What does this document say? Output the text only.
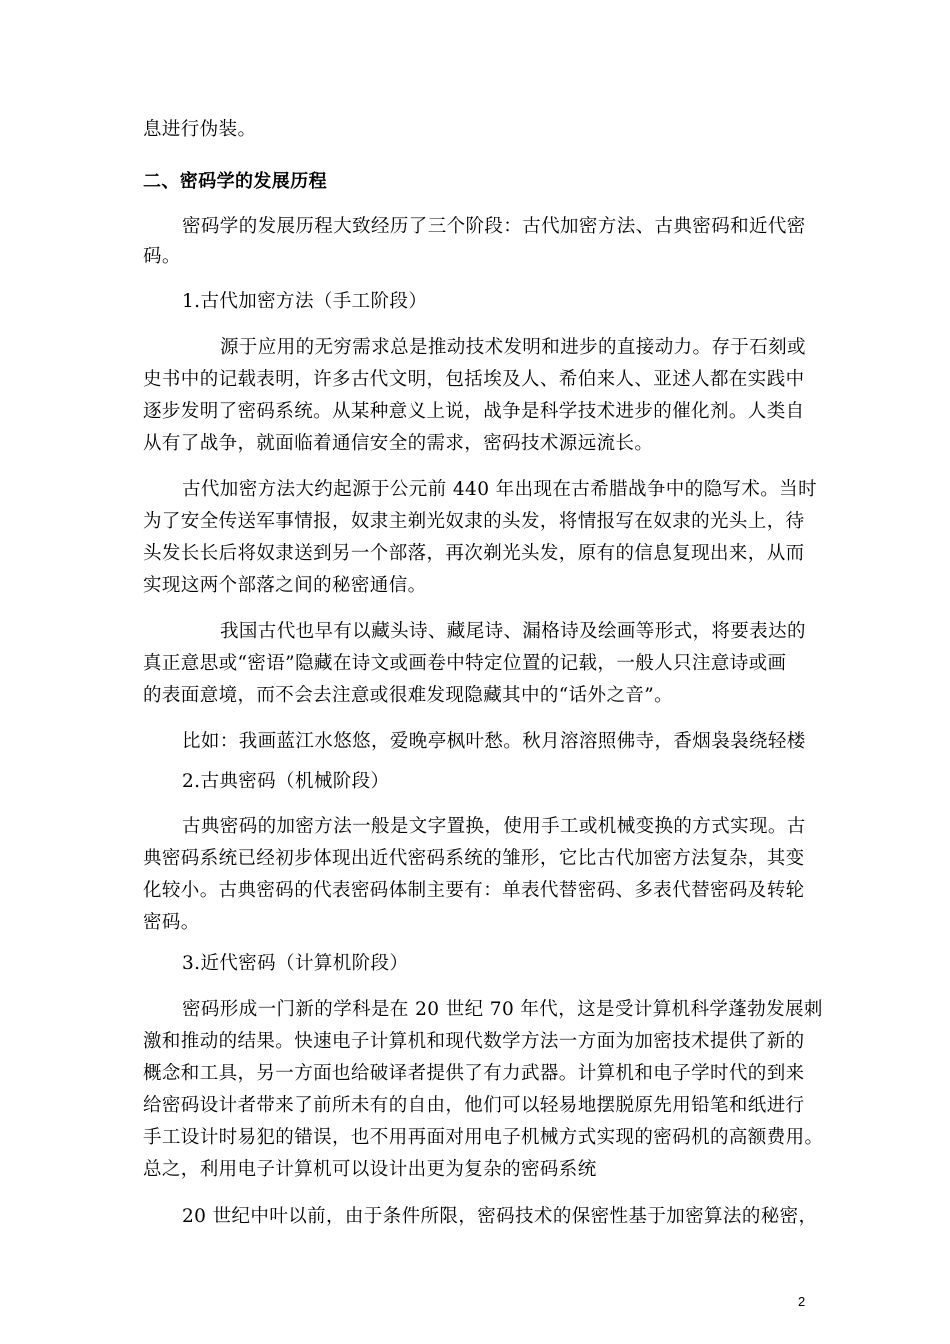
息进行伪装。
二、密码学的发展历程
密码学的发展历程大致经历了三个阶段：古代加密方法、古典密码和近代密
码。
1.古代加密方法（手工阶段）
源于应用的无穷需求总是推动技术发明和进步的直接动力。存于石刻或
史书中的记载表明，许多古代文明，包括埃及人、希伯来人、亚述人都在实践中
逐步发明了密码系统。从某种意义上说，战争是科学技术进步的催化剂。人类自
从有了战争，就面临着通信安全的需求，密码技术源远流长。
古代加密方法大约起源于公元前 440 年出现在古希腊战争中的隐写术。当时
为了安全传送军事情报，奴隶主剃光奴隶的头发，将情报写在奴隶的光头上，待
头发长长后将奴隶送到另一个部落，再次剃光头发，原有的信息复现出来，从而
实现这两个部落之间的秘密通信。
我国古代也早有以藏头诗、藏尾诗、漏格诗及绘画等形式，将要表达的
真正意思或“密语”隐藏在诗文或画卷中特定位置的记载，一般人只注意诗或画
的表面意境，而不会去注意或很难发现隐藏其中的“话外之音”。
比如：我画蓝江水悠悠，爱晚亭枫叶愁。秋月溶溶照佛寺，香烟袅袅绕轻楼
2.古典密码（机械阶段）
古典密码的加密方法一般是文字置换，使用手工或机械变换的方式实现。古
典密码系统已经初步体现出近代密码系统的雏形，它比古代加密方法复杂，其变
化较小。古典密码的代表密码体制主要有：单表代替密码、多表代替密码及转轮
密码。
3.近代密码（计算机阶段）
密码形成一门新的学科是在 20 世纪 70 年代，这是受计算机科学蓬勃发展刺
激和推动的结果。快速电子计算机和现代数学方法一方面为加密技术提供了新的
概念和工具，另一方面也给破译者提供了有力武器。计算机和电子学时代的到来
给密码设计者带来了前所未有的自由，他们可以轻易地摆脱原先用铅笔和纸进行
手工设计时易犯的错误，也不用再面对用电子机械方式实现的密码机的高额费用。
总之，利用电子计算机可以设计出更为复杂的密码系统
20 世纪中叶以前，由于条件所限，密码技术的保密性基于加密算法的秘密，
2
